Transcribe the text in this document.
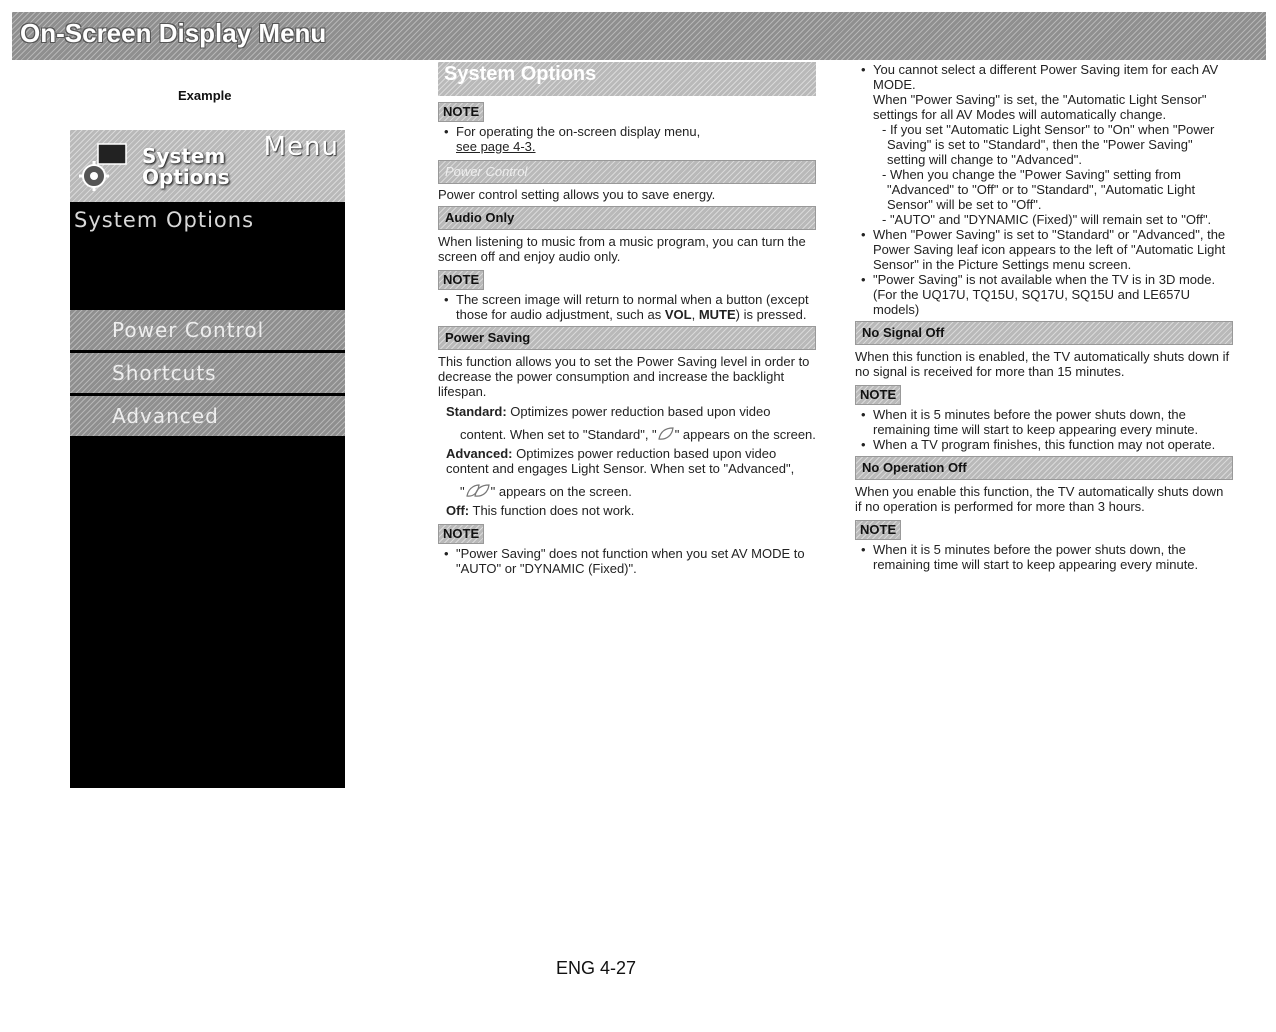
On-Screen Display Menu
Example
Menu
System
Options
System Options
Power Control
Shortcuts
Advanced
System Options
NOTE
• For operating the on-screen display menu,
see page 4-3.
Power Control

Power control setting allows you to save energy.

Audio Only

When listening to music from a music program, you can turn the screen off and enjoy audio only.

NOTE
• The screen image will return to normal when a button (except those for audio adjustment, such as VOL, MUTE) is pressed.
Power Saving

This function allows you to set the Power Saving level in order to decrease the power consumption and increase the backlight lifespan.

Standard: Optimizes power reduction based upon video
content. When set to "Standard", " " appears on the screen.
Advanced: Optimizes power reduction based upon video content and engages Light Sensor. When set to "Advanced",
" " appears on the screen.
Off: This function does not work.
NOTE
• "Power Saving" does not function when you set AV MODE to "AUTO" or "DYNAMIC (Fixed)".
• You cannot select a different Power Saving item for each AV MODE.
When "Power Saving" is set, the "Automatic Light Sensor" settings for all AV Modes will automatically change.
- If you set "Automatic Light Sensor" to "On" when "Power Saving" is set to "Standard", then the "Power Saving" setting will change to "Advanced".
- When you change the "Power Saving" setting from "Advanced" to "Off" or to "Standard", "Automatic Light Sensor" will be set to "Off".
- "AUTO" and "DYNAMIC (Fixed)" will remain set to "Off".
• When "Power Saving" is set to "Standard" or "Advanced", the Power Saving leaf icon appears to the left of "Automatic Light Sensor" in the Picture Settings menu screen.
• "Power Saving" is not available when the TV is in 3D mode. (For the UQ17U, TQ15U, SQ17U, SQ15U and LE657U models)
No Signal Off

When this function is enabled, the TV automatically shuts down if no signal is received for more than 15 minutes.

NOTE
• When it is 5 minutes before the power shuts down, the remaining time will start to keep appearing every minute.
• When a TV program finishes, this function may not operate.
No Operation Off

When you enable this function, the TV automatically shuts down if no operation is performed for more than 3 hours.

NOTE
• When it is 5 minutes before the power shuts down, the remaining time will start to keep appearing every minute.
ENG 4-27
